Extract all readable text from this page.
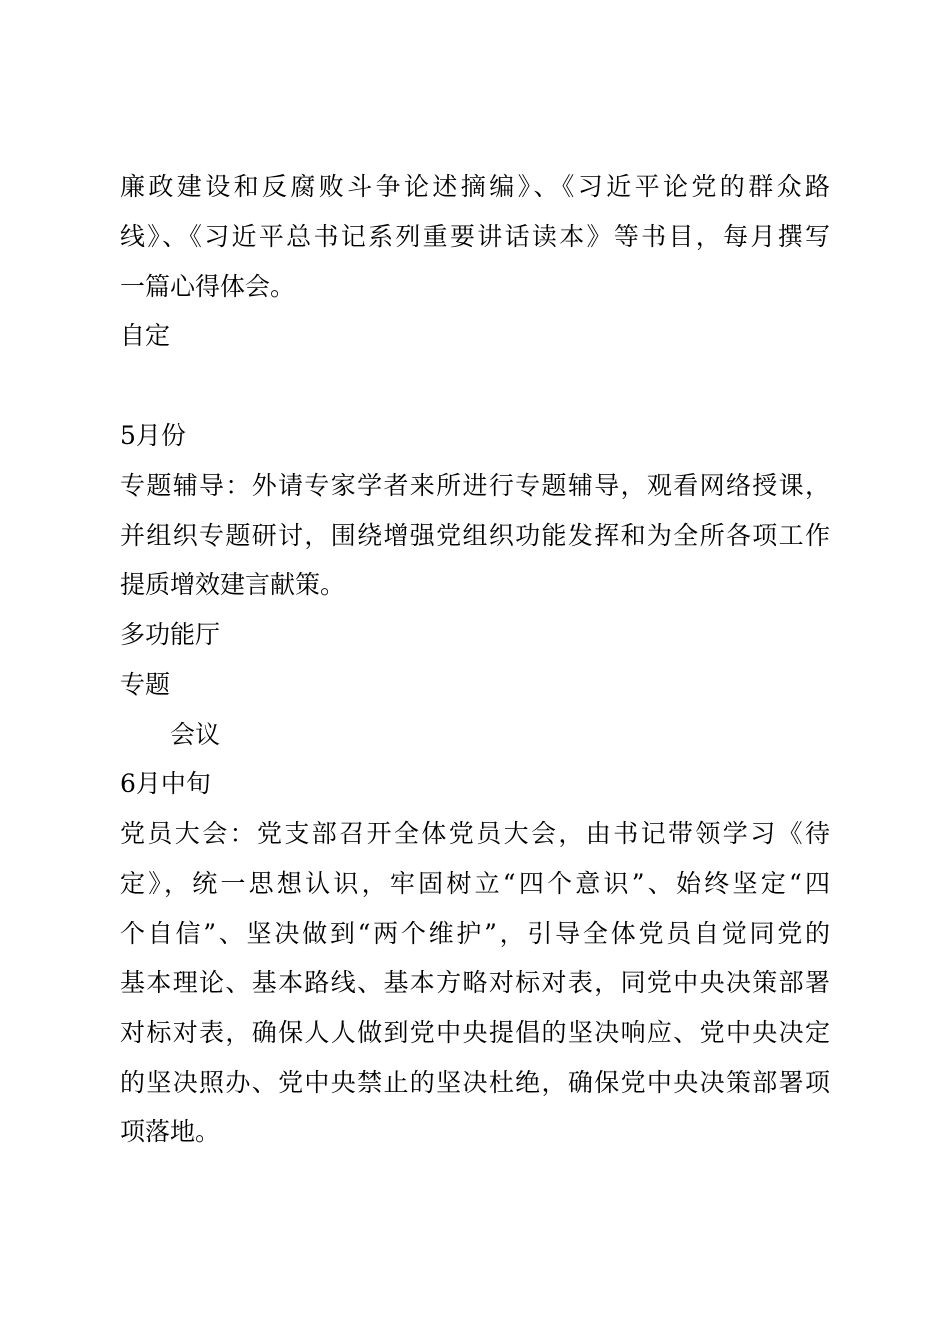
廉政建设和反腐败斗争论述摘编》、《习近平论党的群众路
线》、《习近平总书记系列重要讲话读本》等书目，每月撰写
一篇心得体会。
自定
5月份
专题辅导：外请专家学者来所进行专题辅导，观看网络授课，
并组织专题研讨，围绕增强党组织功能发挥和为全所各项工作
提质增效建言献策。
多功能厅
专题
会议
6月中旬
党员大会：党支部召开全体党员大会，由书记带领学习《待
定》，统一思想认识，牢固树立“四个意识”、始终坚定“四
个自信”、坚决做到“两个维护”，引导全体党员自觉同党的
基本理论、基本路线、基本方略对标对表，同党中央决策部署
对标对表，确保人人做到党中央提倡的坚决响应、党中央决定
的坚决照办、党中央禁止的坚决杜绝，确保党中央决策部署项
项落地。
